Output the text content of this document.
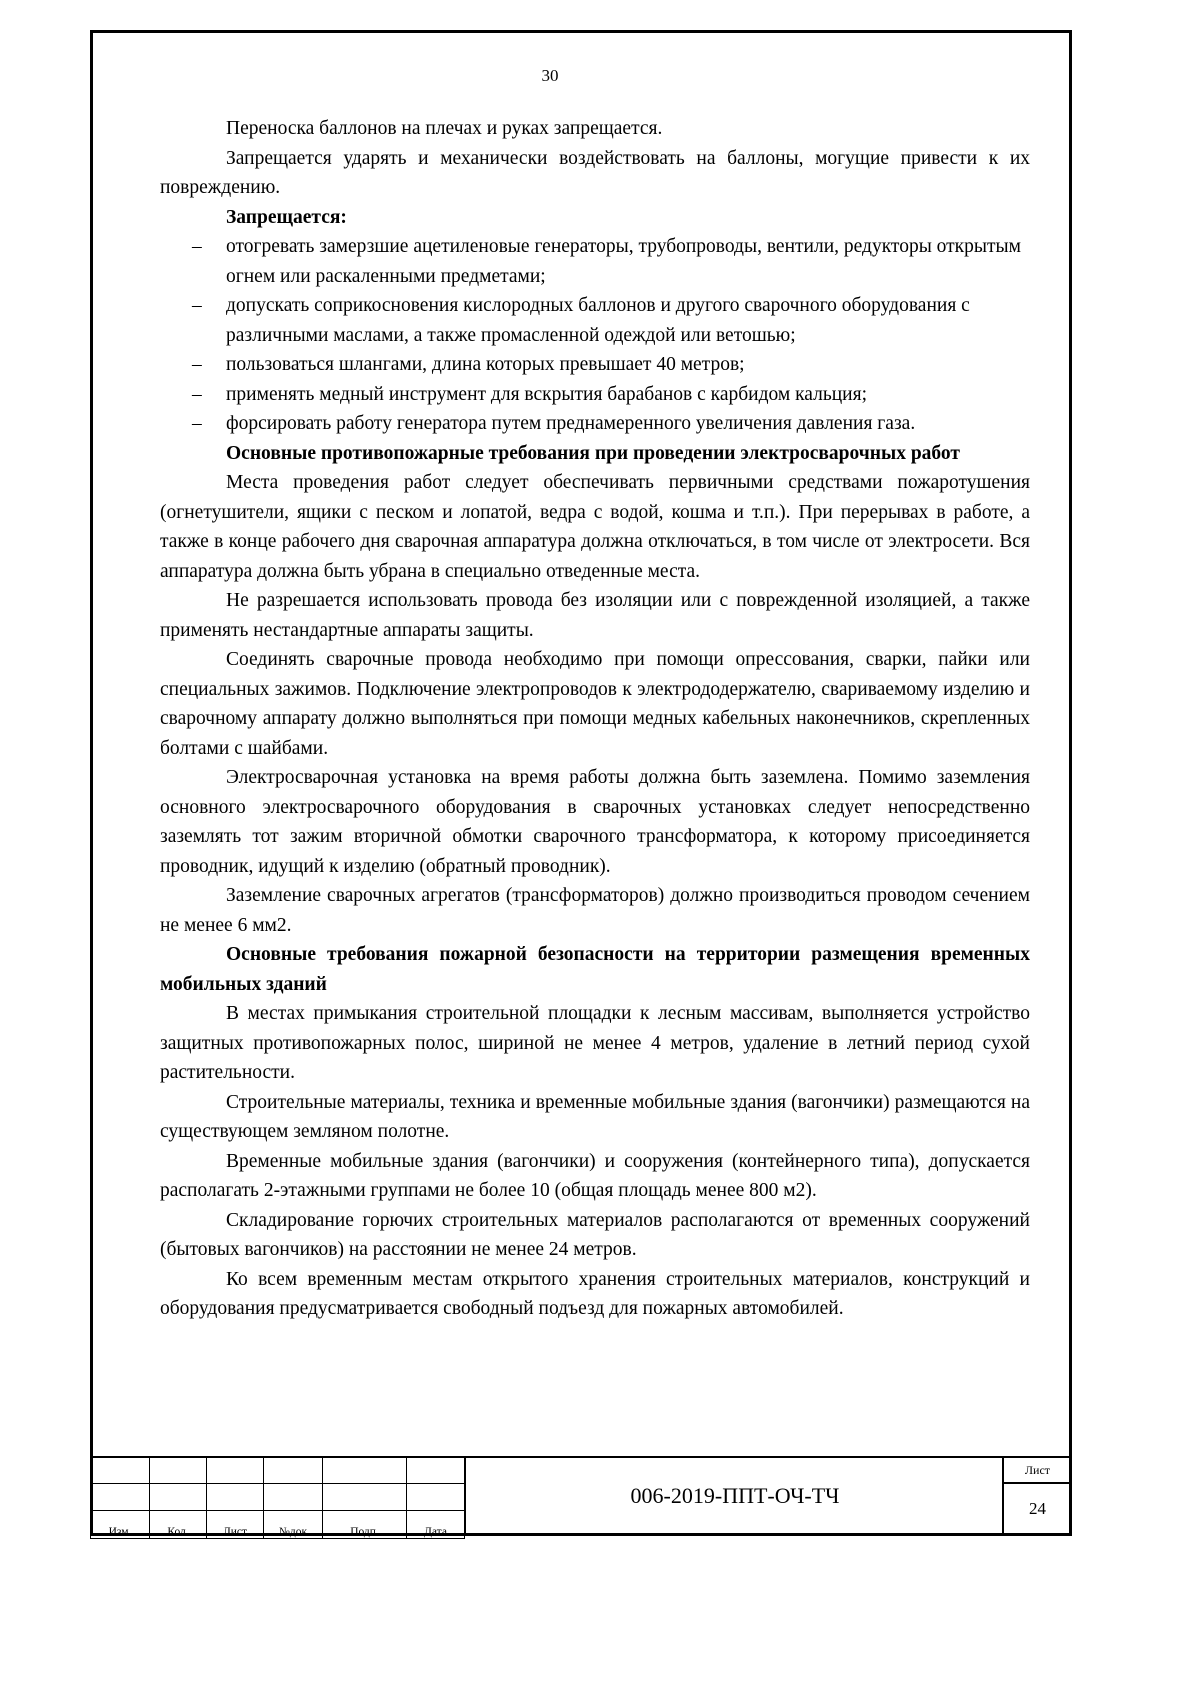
30

Переноска баллонов на плечах и руках запрещается.

Запрещается ударять и механически воздействовать на баллоны, могущие привести к их повреждению.

Запрещается:

– отогревать замерзшие ацетиленовые генераторы, трубопроводы, вентили, редукторы открытым огнем или раскаленными предметами;
– допускать соприкосновения кислородных баллонов и другого сварочного оборудования с различными маслами, а также промасленной одеждой или ветошью;
– пользоваться шлангами, длина которых превышает 40 метров;
– применять медный инструмент для вскрытия барабанов с карбидом кальция;
– форсировать работу генератора путем преднамеренного увеличения давления газа.

Основные противопожарные требования при проведении электросварочных работ

Места проведения работ следует обеспечивать первичными средствами пожаротушения (огнетушители, ящики с песком и лопатой, ведра с водой, кошма и т.п.). При перерывах в работе, а также в конце рабочего дня сварочная аппаратура должна отключаться, в том числе от электросети. Вся аппаратура должна быть убрана в специально отведенные места.

Не разрешается использовать провода без изоляции или с поврежденной изоляцией, а также применять нестандартные аппараты защиты.

Соединять сварочные провода необходимо при помощи опрессования, сварки, пайки или специальных зажимов. Подключение электропроводов к электрододержателю, свариваемому изделию и сварочному аппарату должно выполняться при помощи медных кабельных наконечников, скрепленных болтами с шайбами.

Электросварочная установка на время работы должна быть заземлена. Помимо заземления основного электросварочного оборудования в сварочных установках следует непосредственно заземлять тот зажим вторичной обмотки сварочного трансформатора, к которому присоединяется проводник, идущий к изделию (обратный проводник).

Заземление сварочных агрегатов (трансформаторов) должно производиться проводом сечением не менее 6 мм2.

Основные требования пожарной безопасности на территории размещения временных мобильных зданий

В местах примыкания строительной площадки к лесным массивам, выполняется устройство защитных противопожарных полос, шириной не менее 4 метров, удаление в летний период сухой растительности.

Строительные материалы, техника и временные мобильные здания (вагончики) размещаются на существующем земляном полотне.

Временные мобильные здания (вагончики) и сооружения (контейнерного типа), допускается располагать 2-этажными группами не более 10 (общая площадь менее 800 м2).

Складирование горючих строительных материалов располагаются от временных сооружений (бытовых вагончиков) на расстоянии не менее 24 метров.

Ко всем временным местам открытого хранения строительных материалов, конструкций и оборудования предусматривается свободный подъезд для пожарных автомобилей.

Изм.	Кол.	Лист	№док	Подп.	Дата
006-2019-ППТ-ОЧ-ТЧ
Лист
24
